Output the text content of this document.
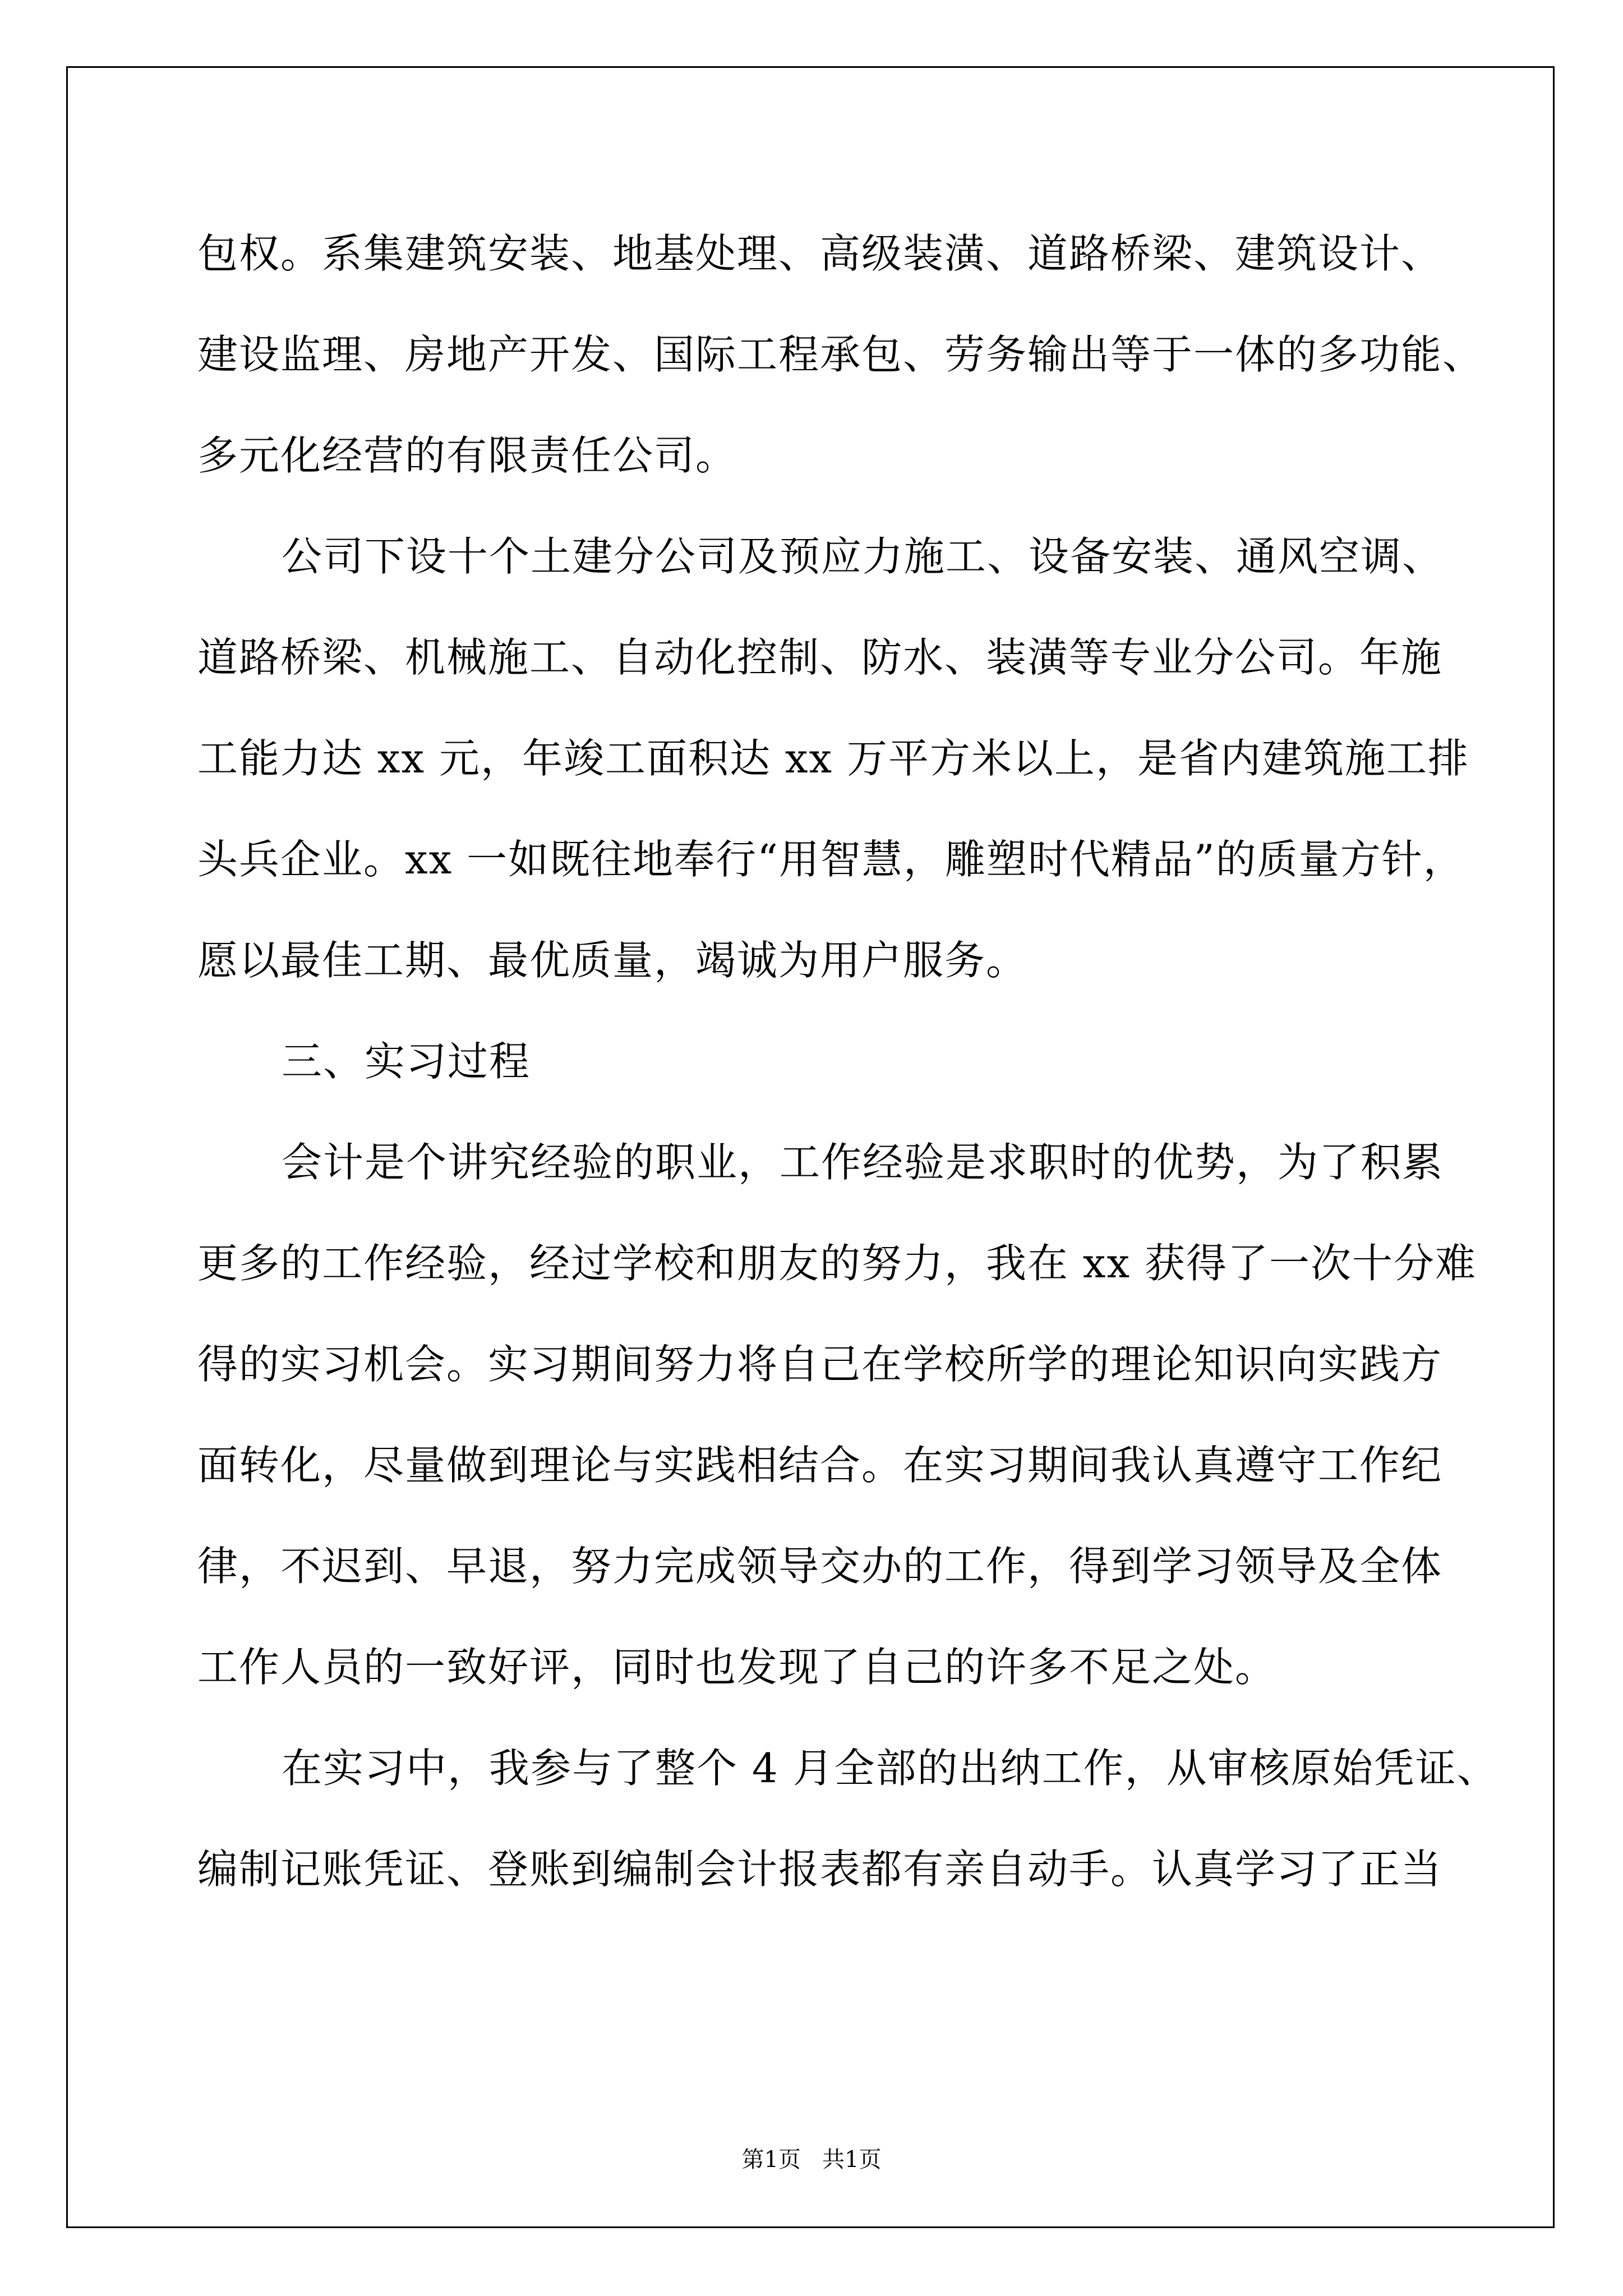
包权。系集建筑安装、地基处理、高级装潢、道路桥梁、建筑设计、
建设监理、房地产开发、国际工程承包、劳务输出等于一体的多功能、
多元化经营的有限责任公司。
公司下设十个土建分公司及预应力施工、设备安装、通风空调、
道路桥梁、机械施工、自动化控制、防水、装潢等专业分公司。年施
工能力达 xx 元，年竣工面积达 xx 万平方米以上，是省内建筑施工排
头兵企业。xx 一如既往地奉行“用智慧，雕塑时代精品”的质量方针，
愿以最佳工期、最优质量，竭诚为用户服务。
三、实习过程
会计是个讲究经验的职业，工作经验是求职时的优势，为了积累
更多的工作经验，经过学校和朋友的努力，我在 xx 获得了一次十分难
得的实习机会。实习期间努力将自己在学校所学的理论知识向实践方
面转化，尽量做到理论与实践相结合。在实习期间我认真遵守工作纪
律，不迟到、早退，努力完成领导交办的工作，得到学习领导及全体
工作人员的一致好评，同时也发现了自己的许多不足之处。
在实习中，我参与了整个 4 月全部的出纳工作，从审核原始凭证、
编制记账凭证、登账到编制会计报表都有亲自动手。认真学习了正当
第1页   共1页
